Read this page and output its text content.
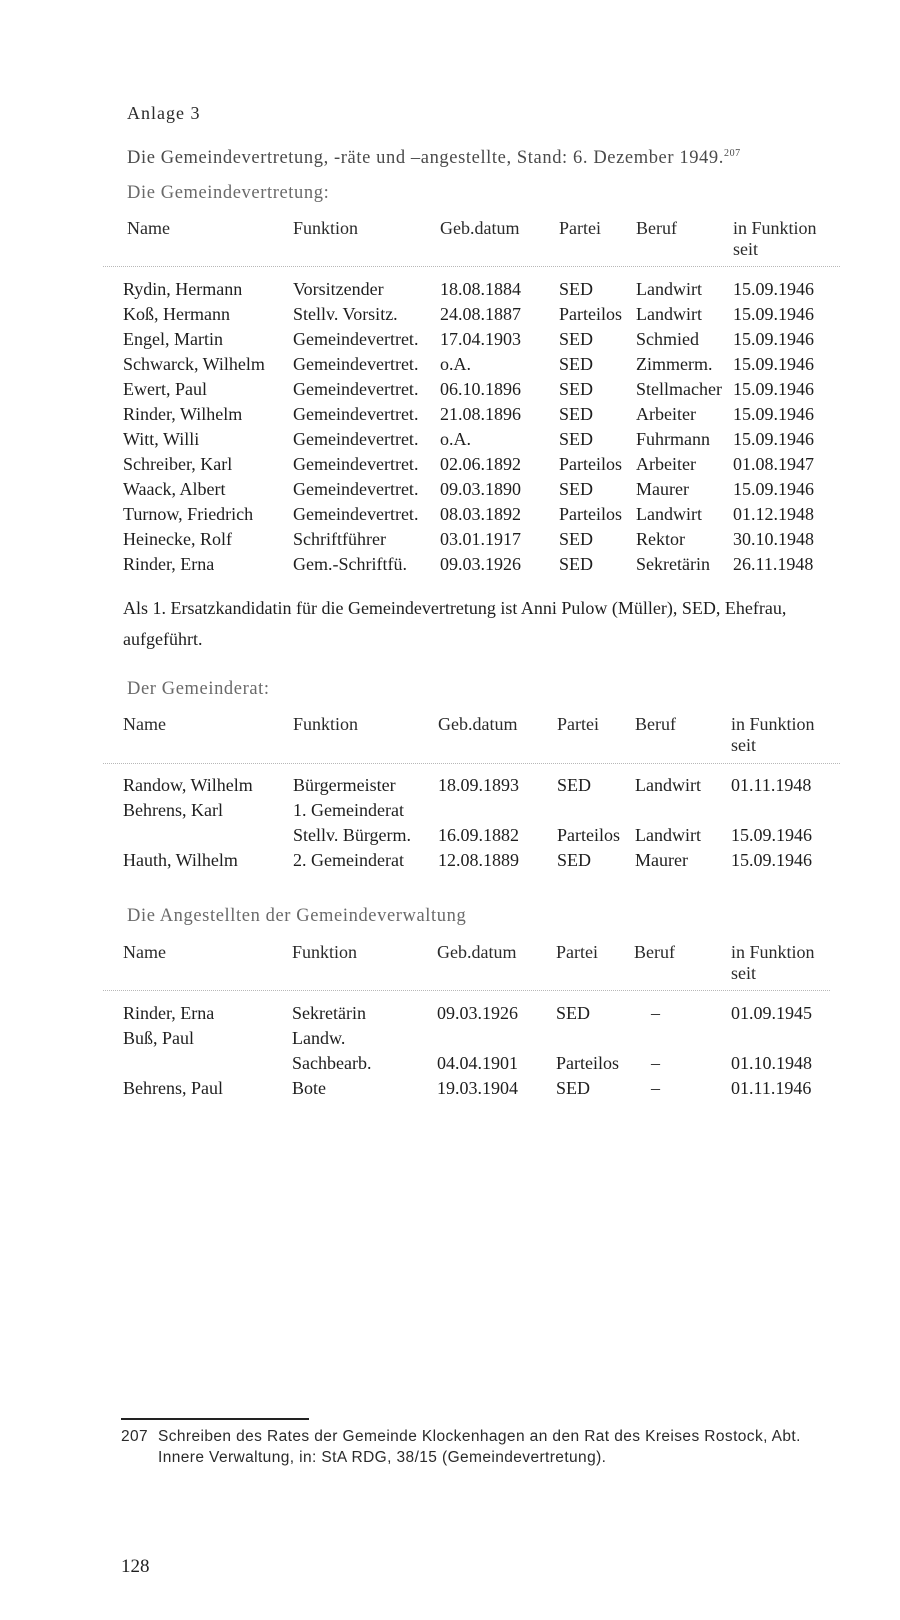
Anlage 3
Die Gemeindevertretung, -räte und –angestellte, Stand: 6. Dezember 1949.$^{207}$
Die Gemeindevertretung:
Name	Funktion	Geb.datum Partei Beruf	in Funktion
seit
Rydin, Hermann	Vorsitzender	18.08.1884 SED Landwirt 15.09.1946
Koß, Hermann	Stellv. Vorsitz. 24.08.1887 Parteilos Landwirt 15.09.1946
Engel, Martin	Gemeindevertret. 17.04.1903 SED Schmied 15.09.1946
Schwarck, Wilhelm Gemeindevertret. o.A.	SED Zimmerm. 15.09.1946
Ewert, Paul	Gemeindevertret. 06.10.1896 SED Stellmacher 15.09.1946
Rinder, Wilhelm	Gemeindevertret. 21.08.1896 SED Arbeiter 15.09.1946
Witt, Willi	Gemeindevertret. o.A.	SED Fuhrmann 15.09.1946
Schreiber, Karl	Gemeindevertret. 02.06.1892 Parteilos Arbeiter 01.08.1947
Waack, Albert	Gemeindevertret. 09.03.1890 SED Maurer 15.09.1946
Turnow, Friedrich Gemeindevertret. 08.03.1892 Parteilos Landwirt 01.12.1948
Heinecke, Rolf	Schriftführer	03.01.1917 SED Rektor	30.10.1948
Rinder, Erna	Gem.-Schriftfü. 09.03.1926 SED Sekretärin 26.11.1948
Als 1. Ersatzkandidatin für die Gemeindevertretung ist Anni Pulow (Müller), SED, Ehefrau, aufgeführt.
Der Gemeinderat:
Name	Funktion	Geb.datum Partei Beruf	in Funktion
seit
Randow, Wilhelm Bürgermeister 18.09.1893 SED Landwirt 01.11.1948
Behrens, Karl	1. Gemeinderat
Stellv. Bürgerm. 16.09.1882 Parteilos Landwirt 15.09.1946
Hauth, Wilhelm	2. Gemeinderat 12.08.1889 SED Maurer 15.09.1946
Die Angestellten der Gemeindeverwaltung
Name	Funktion	Geb.datum Partei Beruf	in Funktion
seit
Rinder, Erna	Sekretärin	09.03.1926 SED	–	01.09.1945
Buß, Paul	Landw.
Sachbearb.	04.04.1901 Parteilos –	01.10.1948
Behrens, Paul	Bote	19.03.1904 SED	–	01.11.1946
207 Schreiben des Rates der Gemeinde Klockenhagen an den Rat des Kreises Rostock, Abt.
Innere Verwaltung, in: StA RDG, 38/15 (Gemeindevertretung).
128
